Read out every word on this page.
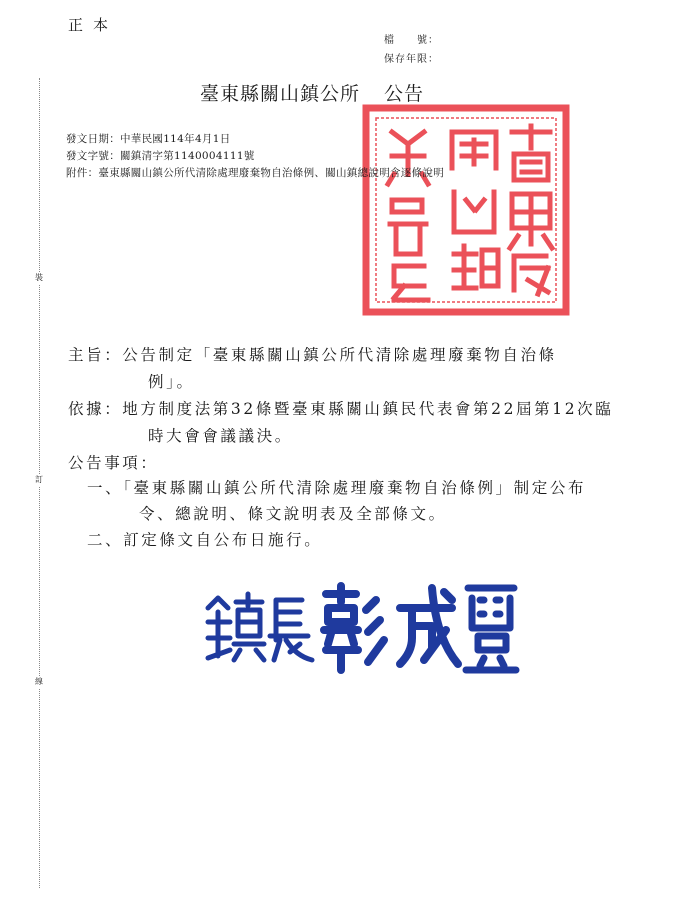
正本
檔　　號：
保存年限：
裝
訂
線
臺東縣關山鎮公所 公告
發文日期：中華民國114年4月1日
發文字號：關鎮清字第1140004111號
附件：臺東縣關山鎮公所代清除處理廢棄物自治條例、關山鎮總說明含逐條說明
主旨：公告制定「臺東縣關山鎮公所代清除處理廢棄物自治條
例」。
依據：地方制度法第32條暨臺東縣關山鎮民代表會第22屆第12次臨
時大會會議議決。
公告事項：
一、「臺東縣關山鎮公所代清除處理廢棄物自治條例」制定公布
令、總說明、條文說明表及全部條文。
二、訂定條文自公布日施行。
